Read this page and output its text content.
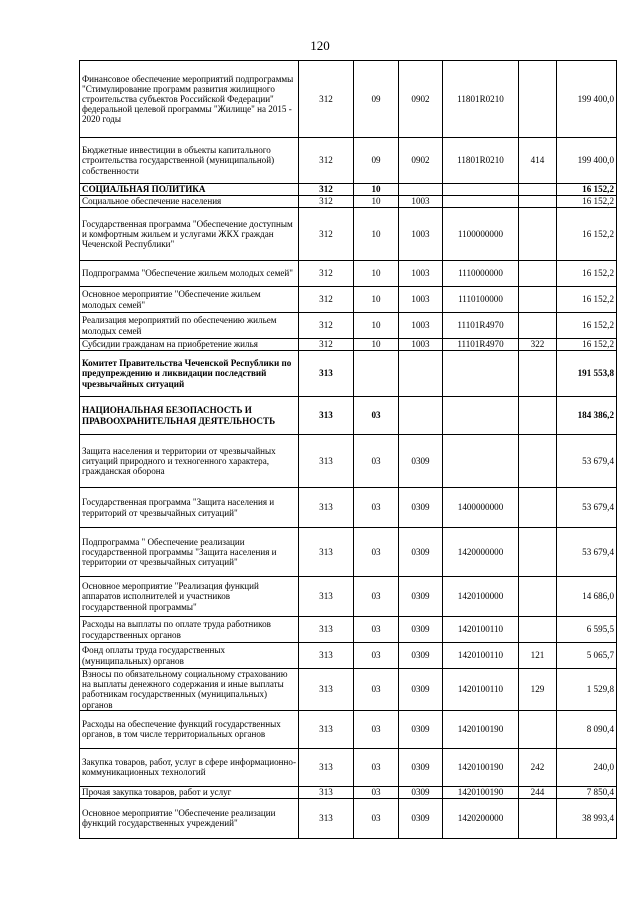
120
Финансовое обеспечение мероприятий подпрограммы "Стимулирование программ развития жилищного строительства субъектов Российской Федерации" федеральной целевой программы "Жилище" на 2015 - 2020 годы	312	09	0902	11801R0210		199 400,0
Бюджетные инвестиции в объекты капитального строительства государственной (муниципальной) собственности	312	09	0902	11801R0210	414	199 400,0
СОЦИАЛЬНАЯ ПОЛИТИКА	312	10				16 152,2
Социальное обеспечение населения	312	10	1003			16 152,2
Государственная программа "Обеспечение доступным и комфортным жильем и услугами ЖКХ граждан Чеченской Республики"	312	10	1003	1100000000		16 152,2
Подпрограмма "Обеспечение жильем молодых семей"	312	10	1003	1110000000		16 152,2
Основное мероприятие "Обеспечение жильем молодых семей"	312	10	1003	1110100000		16 152,2
Реализация мероприятий по обеспечению жильем молодых семей	312	10	1003	11101R4970		16 152,2
Субсидии гражданам на приобретение жилья	312	10	1003	11101R4970	322	16 152,2
Комитет Правительства Чеченской Республики по предупреждению и ликвидации последствий чрезвычайных ситуаций	313					191 553,8
НАЦИОНАЛЬНАЯ БЕЗОПАСНОСТЬ И ПРАВООХРАНИТЕЛЬНАЯ ДЕЯТЕЛЬНОСТЬ	313	03				184 386,2
Защита населения и территории от чрезвычайных ситуаций природного и техногенного характера, гражданская оборона	313	03	0309			53 679,4
Государственная программа "Защита населения и территорий от чрезвычайных ситуаций"	313	03	0309	1400000000		53 679,4
Подпрограмма " Обеспечение реализации государственной программы "Защита населения и территории от чрезвычайных ситуаций"	313	03	0309	1420000000		53 679,4
Основное мероприятие "Реализация функций аппаратов исполнителей и участников государственной программы"	313	03	0309	1420100000		14 686,0
Расходы на выплаты по оплате труда работников государственных органов	313	03	0309	1420100110		6 595,5
Фонд оплаты труда государственных (муниципальных) органов	313	03	0309	1420100110	121	5 065,7
Взносы по обязательному социальному страхованию на выплаты денежного содержания и иные выплаты работникам государственных (муниципальных) органов	313	03	0309	1420100110	129	1 529,8
Расходы на обеспечение функций государственных органов, в том числе территориальных органов	313	03	0309	1420100190		8 090,4
Закупка товаров, работ, услуг в сфере информационно-коммуникационных технологий	313	03	0309	1420100190	242	240,0
Прочая закупка товаров, работ и услуг	313	03	0309	1420100190	244	7 850,4
Основное мероприятие "Обеспечение реализации функций государственных учреждений"	313	03	0309	1420200000		38 993,4
